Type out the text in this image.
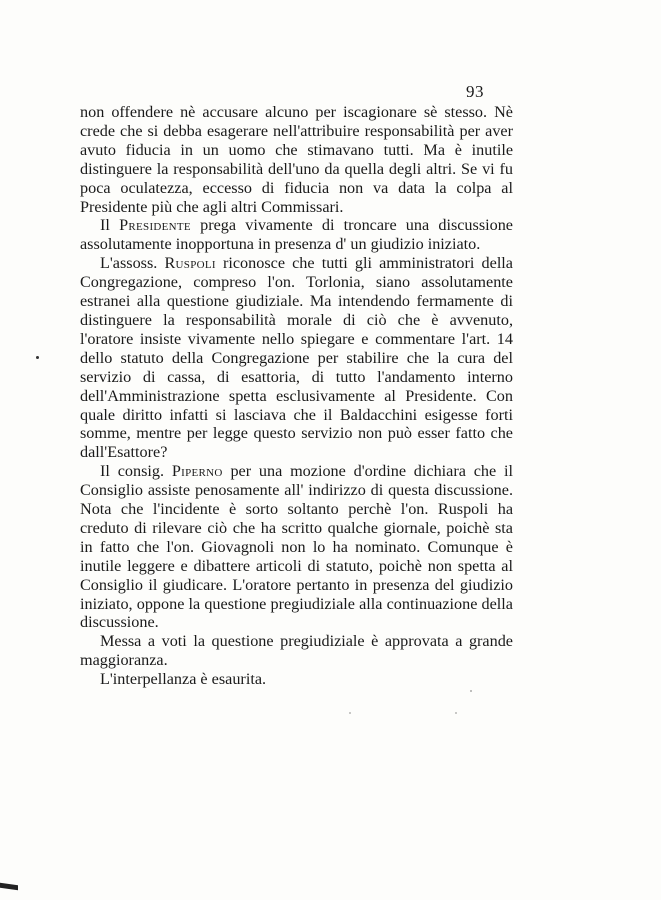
93

non offendere nè accusare alcuno per iscagionare sè stesso. Nè crede che si debba esagerare nell'attribuire responsabilità per aver avuto fiducia in un uomo che stimavano tutti. Ma è inutile distinguere la responsabilità dell'uno da quella degli altri. Se vi fu poca oculatezza, eccesso di fiducia non va data la colpa al Presidente più che agli altri Commissari.

Il Presidente prega vivamente di troncare una discussione assolutamente inopportuna in presenza d' un giudizio iniziato.

L'assoss. Ruspoli riconosce che tutti gli amministratori della Congregazione, compreso l'on. Torlonia, siano assolutamente estranei alla questione giudiziale. Ma intendendo fermamente di distinguere la responsabilità morale di ciò che è avvenuto, l'oratore insiste vivamente nello spiegare e commentare l'art. 14 dello statuto della Congregazione per stabilire che la cura del servizio di cassa, di esattoria, di tutto l'andamento interno dell'Amministrazione spetta esclusivamente al Presidente. Con quale diritto infatti si lasciava che il Baldacchini esigesse forti somme, mentre per legge questo servizio non può esser fatto che dall'Esattore?

Il consig. Piperno per una mozione d'ordine dichiara che il Consiglio assiste penosamente all' indirizzo di questa discussione. Nota che l'incidente è sorto soltanto perchè l'on. Ruspoli ha creduto di rilevare ciò che ha scritto qualche giornale, poichè sta in fatto che l'on. Giovagnoli non lo ha nominato. Comunque è inutile leggere e dibattere articoli di statuto, poichè non spetta al Consiglio il giudicare. L'oratore pertanto in presenza del giudizio iniziato, oppone la questione pregiudiziale alla continuazione della discussione.

Messa a voti la questione pregiudiziale è approvata a grande maggioranza.

L'interpellanza è esaurita.
